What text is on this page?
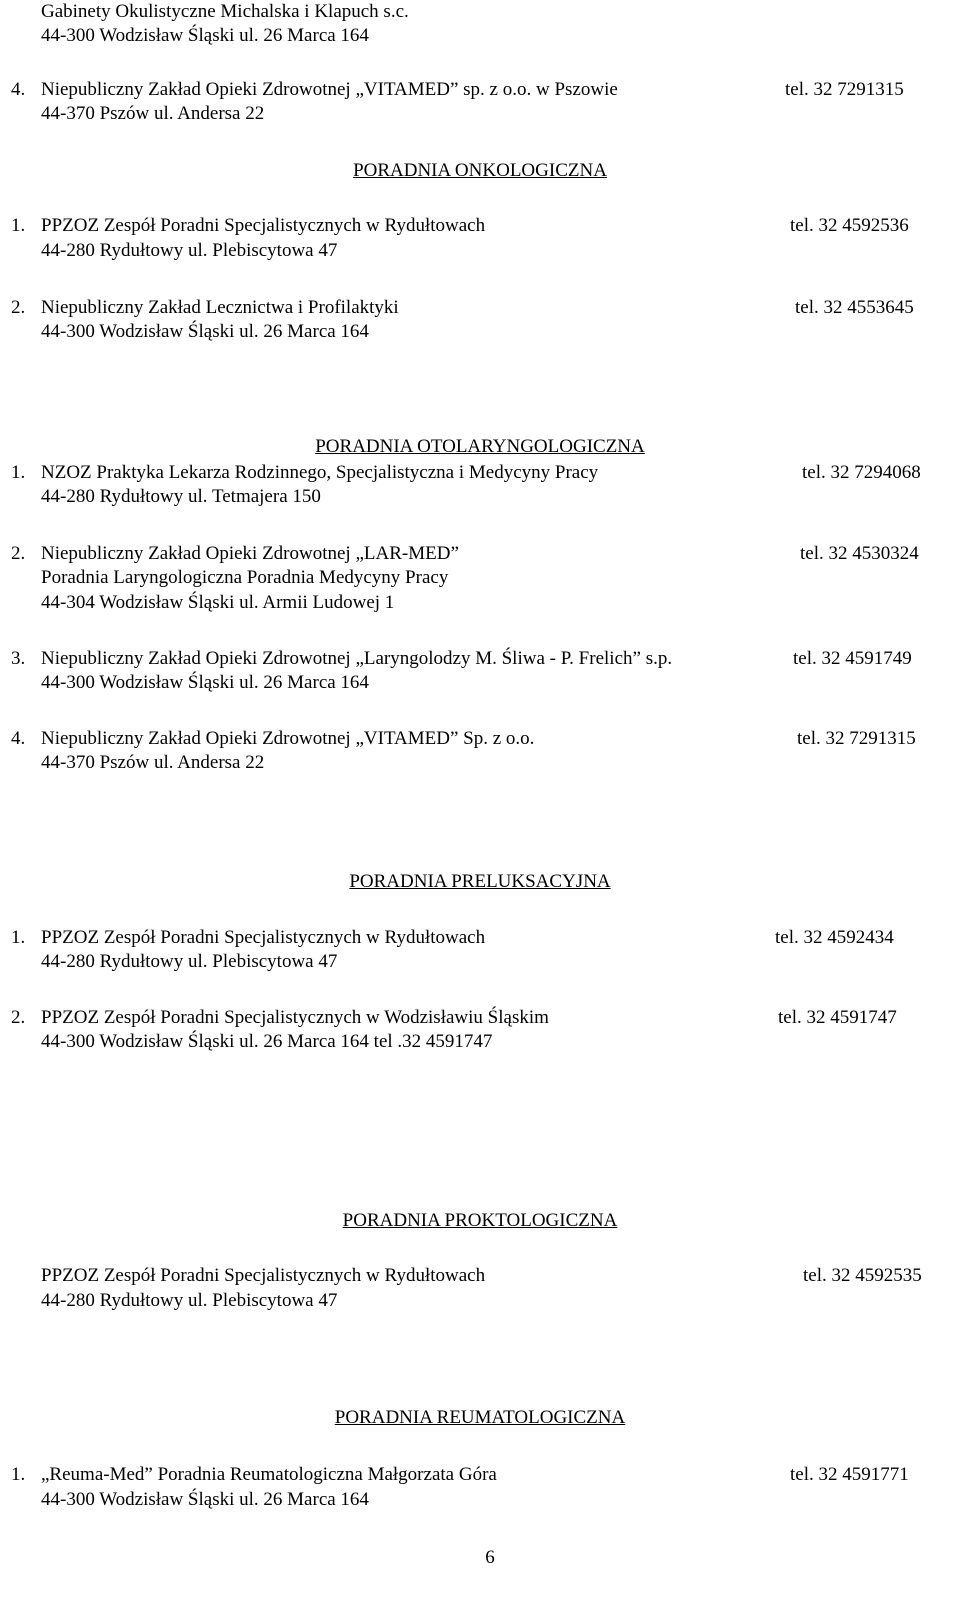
Gabinety Okulistyczne Michalska i Klapuch s.c.
44-300 Wodzisław Śląski ul. 26 Marca 164
4. Niepubliczny Zakład Opieki Zdrowotnej „VITAMED” sp. z o.o. w Pszowie	tel. 32 7291315
44-370 Pszów ul. Andersa 22
PORADNIA ONKOLOGICZNA
1. PPZOZ Zespół Poradni Specjalistycznych w Rydułtowach	tel. 32 4592536
44-280 Rydułtowy ul. Plebiscytowa 47
2. Niepubliczny Zakład Lecznictwa i Profilaktyki	tel. 32 4553645
44-300 Wodzisław Śląski ul. 26 Marca 164
PORADNIA OTOLARYNGOLOGICZNA
1. NZOZ Praktyka Lekarza Rodzinnego, Specjalistyczna i Medycyny Pracy	tel. 32 7294068
44-280 Rydułtowy ul. Tetmajera 150
2. Niepubliczny Zakład Opieki Zdrowotnej „LAR-MED”	tel. 32 4530324
Poradnia Laryngologiczna Poradnia Medycyny Pracy
44-304 Wodzisław Śląski ul. Armii Ludowej 1
3. Niepubliczny Zakład Opieki Zdrowotnej „Laryngolodzy M. Śliwa - P. Frelich” s.p.	tel. 32 4591749
44-300 Wodzisław Śląski ul. 26 Marca 164
4. Niepubliczny Zakład Opieki Zdrowotnej „VITAMED” Sp. z o.o.	tel. 32 7291315
44-370 Pszów ul. Andersa 22
PORADNIA PRELUKSACYJNA
1. PPZOZ Zespół Poradni Specjalistycznych w Rydułtowach	tel. 32 4592434
44-280 Rydułtowy ul. Plebiscytowa 47
2. PPZOZ Zespół Poradni Specjalistycznych w Wodzisławiu Śląskim	tel. 32 4591747
44-300 Wodzisław Śląski ul. 26 Marca 164 tel .32 4591747
PORADNIA PROKTOLOGICZNA
PPZOZ Zespół Poradni Specjalistycznych w Rydułtowach	tel. 32 4592535
44-280 Rydułtowy ul. Plebiscytowa 47
PORADNIA REUMATOLOGICZNA
1. „Reuma-Med” Poradnia Reumatologiczna Małgorzata Góra	tel. 32 4591771
44-300 Wodzisław Śląski ul. 26 Marca 164
6
